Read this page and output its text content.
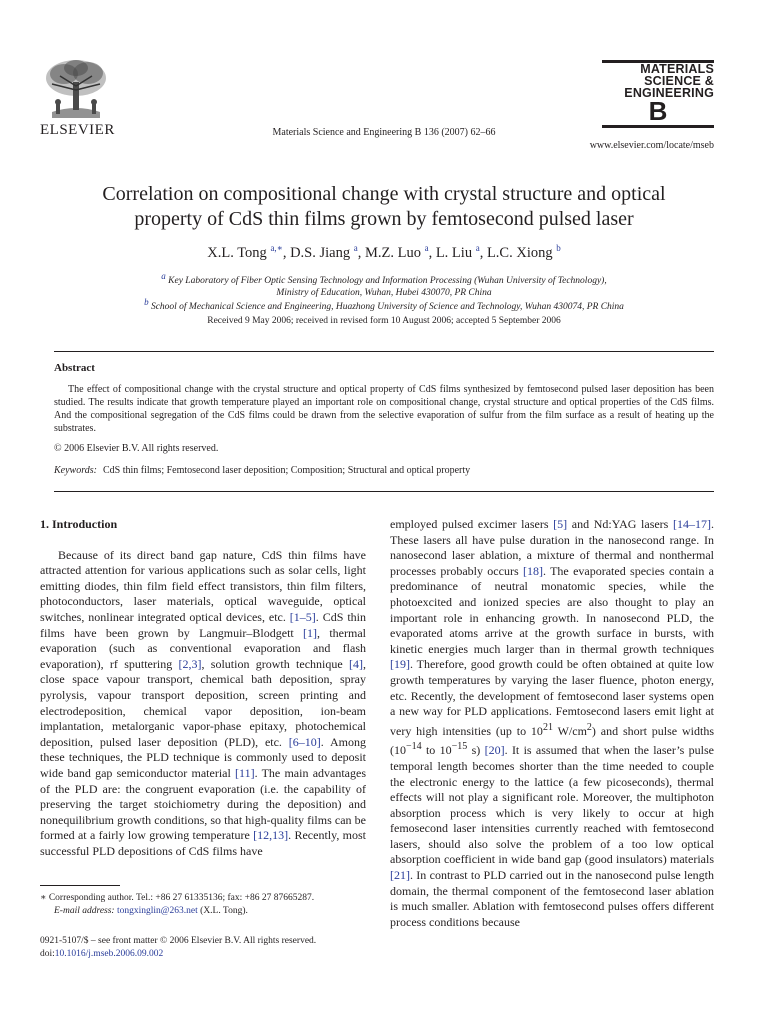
ELSEVIER	Materials Science and Engineering B 136 (2007) 62–66
MATERIALS
SCIENCE &
ENGINEERING
B
www.elsevier.com/locate/mseb
Correlation on compositional change with crystal structure and optical
property of CdS thin films grown by femtosecond pulsed laser
X.L. Tong $^{a,∗}$, D.S. Jiang $^a$, M.Z. Luo $^a$, L. Liu $^a$, L.C. Xiong $^b$
$^a$ Key Laboratory of Fiber Optic Sensing Technology and Information Processing (Wuhan University of Technology),
Ministry of Education, Wuhan, Hubei 430070, PR China
$^b$ School of Mechanical Science and Engineering, Huazhong University of Science and Technology, Wuhan 430074, PR China
Received 9 May 2006; received in revised form 10 August 2006; accepted 5 September 2006
Abstract
The effect of compositional change with the crystal structure and optical property of CdS films synthesized by femtosecond pulsed laser deposition has been studied. The results indicate that growth temperature played an important role on compositional change, crystal structure and optical properties of the CdS films. And the compositional segregation of the CdS films could be drawn from the selective evaporation of sulfur from the film surface as a result of heating up the substrates.
© 2006 Elsevier B.V. All rights reserved.
Keywords: CdS thin films; Femtosecond laser deposition; Composition; Structural and optical property
1. Introduction

Because of its direct band gap nature, CdS thin films have attracted attention for various applications such as solar cells, light emitting diodes, thin film field effect transistors, thin film filters, photoconductors, laser materials, optical waveguide, optical switches, nonlinear integrated optical devices, etc. [1–5]. CdS thin films have been grown by Langmuir–Blodgett [1], thermal evaporation (such as conventional evaporation and flash evaporation), rf sputtering [2,3], solution growth technique [4], close space vapour transport, chemical bath deposition, spray pyrolysis, vapour transport deposition, screen printing and electrodeposition, chemical vapor deposition, ion-beam implantation, metalorganic vapor-phase epitaxy, photochemical deposition, pulsed laser deposition (PLD), etc. [6–10]. Among these techniques, the PLD technique is commonly used to deposit wide band gap semiconductor material [11]. The main advantages of the PLD are: the congruent evaporation (i.e. the capability of preserving the target stoichiometry during the deposition) and nonequilibrium growth conditions, so that high-quality films can be formed at a fairly low growing temperature [12,13]. Recently, most successful PLD depositions of CdS films have

employed pulsed excimer lasers [5] and Nd:YAG lasers [14–17]. These lasers all have pulse duration in the nanosecond range. In nanosecond laser ablation, a mixture of thermal and nonthermal processes probably occurs [18]. The evaporated species contain a predominance of neutral monatomic species, while the photoexcited and ionized species are also thought to play an important role in enhancing growth. In nanosecond PLD, the evaporated atoms arrive at the growth surface in bursts, with kinetic energies much larger than in thermal growth techniques [19]. Therefore, good growth could be often obtained at quite low growth temperatures by varying the laser fluence, photon energy, etc. Recently, the development of femtosecond laser systems open a new way for PLD applications. Femtosecond lasers emit light at very high intensities (up to $10^{21}$ $W/cm^2$) and short pulse widths ($10^{-14}$ to $10^{-15}$ s) [20]. It is assumed that when the laser’s pulse temporal length becomes shorter than the time needed to couple the electronic energy to the lattice (a few picoseconds), thermal effects will not play a significant role. Moreover, the multiphoton absorption process which is very likely to occur at high femosecond laser intensities currently reached with femtosecond lasers, should also solve the problem of a too low optical absorption coefficient in wide band gap (good insulators) materials [21]. In contrast to PLD carried out in the nanosecond pulse length domain, the thermal component of the femtosecond laser ablation is much smaller. Ablation with femtosecond pulses offers different process conditions because

∗ Corresponding author. Tel.: +86 27 61335136; fax: +86 27 87665287.
E-mail address: tongxinglin@263.net (X.L. Tong).
0921-5107/$ – see front matter © 2006 Elsevier B.V. All rights reserved.
doi:10.1016/j.mseb.2006.09.002
